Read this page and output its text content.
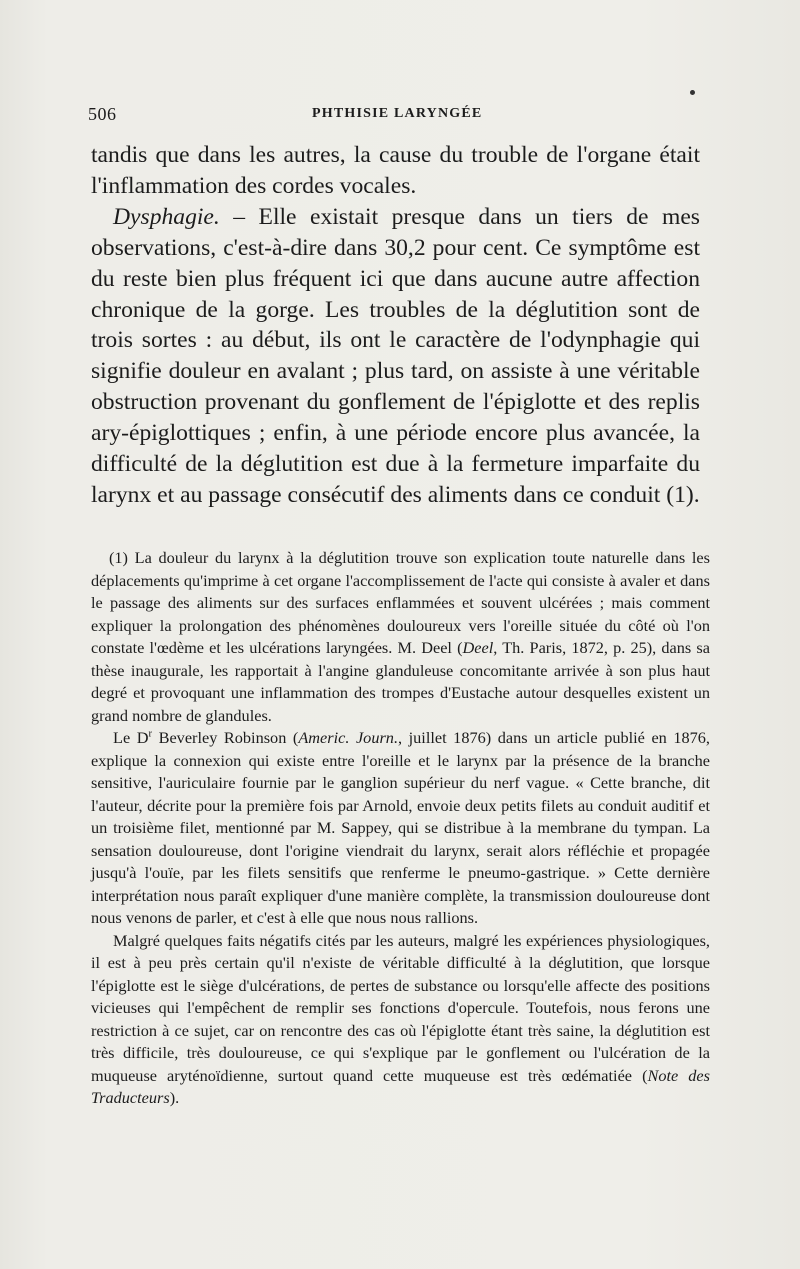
506	PHTHISIE LARYNGÉE

tandis que dans les autres, la cause du trouble de l'organe était l'inflammation des cordes vocales.

Dysphagie. – Elle existait presque dans un tiers de mes observations, c'est-à-dire dans 30,2 pour cent. Ce symptôme est du reste bien plus fréquent ici que dans aucune autre affection chronique de la gorge. Les troubles de la déglutition sont de trois sortes : au début, ils ont le caractère de l'odynphagie qui signifie douleur en avalant ; plus tard, on assiste à une véritable obstruction provenant du gonflement de l'épiglotte et des replis ary-épiglottiques ; enfin, à une période encore plus avancée, la difficulté de la déglutition est due à la fermeture imparfaite du larynx et au passage consécutif des aliments dans ce conduit (1).

(1) La douleur du larynx à la déglutition trouve son explication toute naturelle dans les déplacements qu'imprime à cet organe l'accomplissement de l'acte qui consiste à avaler et dans le passage des aliments sur des surfaces enflammées et souvent ulcérées ; mais comment expliquer la prolongation des phénomènes douloureux vers l'oreille située du côté où l'on constate l'œdème et les ulcérations laryngées. M. Deel (Deel, Th. Paris, 1872, p. 25), dans sa thèse inaugurale, les rapportait à l'angine glanduleuse concomitante arrivée à son plus haut degré et provoquant une inflammation des trompes d'Eustache autour desquelles existent un grand nombre de glandules.

Le $D^r$ Beverley Robinson (Americ. Journ., juillet 1876) dans un article publié en 1876, explique la connexion qui existe entre l'oreille et le larynx par la présence de la branche sensitive, l'auriculaire fournie par le ganglion supérieur du nerf vague. « Cette branche, dit l'auteur, décrite pour la première fois par Arnold, envoie deux petits filets au conduit auditif et un troisième filet, mentionné par M. Sappey, qui se distribue à la membrane du tympan. La sensation douloureuse, dont l'origine viendrait du larynx, serait alors réfléchie et propagée jusqu'à l'ouïe, par les filets sensitifs que renferme le pneumo-gastrique. » Cette dernière interprétation nous paraît expliquer d'une manière complète, la transmission douloureuse dont nous venons de parler, et c'est à elle que nous nous rallions.

Malgré quelques faits négatifs cités par les auteurs, malgré les expériences physiologiques, il est à peu près certain qu'il n'existe de véritable difficulté à la déglutition, que lorsque l'épiglotte est le siège d'ulcérations, de pertes de substance ou lorsqu'elle affecte des positions vicieuses qui l'empêchent de remplir ses fonctions d'opercule. Toutefois, nous ferons une restriction à ce sujet, car on rencontre des cas où l'épiglotte étant très saine, la déglutition est très difficile, très douloureuse, ce qui s'explique par le gonflement ou l'ulcération de la muqueuse aryténoïdienne, surtout quand cette muqueuse est très œdématiée (Note des Traducteurs).
